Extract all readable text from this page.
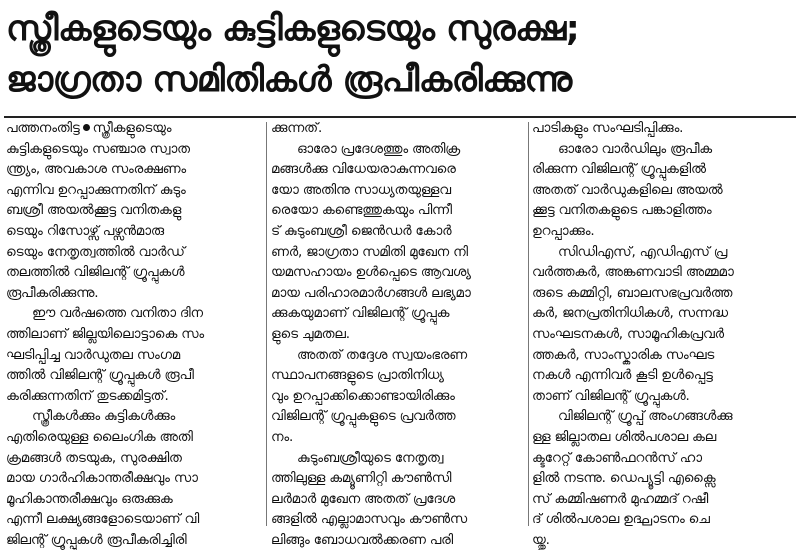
സ്ത്രീകളുടെയും കുട്ടികളുടെയും സുരക്ഷ;
ജാഗ്രതാ സമിതികൾ രൂപീകരിക്കുന്നു
പത്തനംതിട്ട സ്ത്രീകളുടെയും
കുട്ടികളുടെയും സഞ്ചാര സ്വാത
ന്ത്ര്യം, അവകാശ സംരക്ഷണം
എന്നിവ ഉറപ്പാക്കുന്നതിന് കുടും
ബശ്രീ അയൽക്കൂട്ട വനിതകളു
ടെയും റിസോഴ്സ് പഴ്സൻമാരു
ടെയും നേതൃത്വത്തിൽ വാർഡ്
തലത്തിൽ വിജിലന്റ് ഗ്രൂപ്പുകൾ
രൂപീകരിക്കുന്നു.
ഈ വർഷത്തെ വനിതാ ദിന
ത്തിലാണ് ജില്ലയിലൊട്ടാകെ സം
ഘടിപ്പിച്ച വാർഡുതല സംഗമ
ത്തിൽ വിജിലന്റ് ഗ്രൂപ്പുകൾ രൂപീ
കരിക്കുന്നതിന് തുടക്കമിട്ടത്.
സ്ത്രീകൾക്കും കുട്ടികൾക്കും
എതിരെയുള്ള ലൈംഗിക അതി
ക്രമങ്ങൾ തടയുക, സുരക്ഷിത
മായ ഗാർഹികാന്തരീക്ഷവും സാ
മൂഹികാന്തരീക്ഷവും ഒരുക്കുക
എന്നീ ലക്ഷ്യങ്ങളോടെയാണ് വി
ജിലന്റ് ഗ്രൂപ്പുകൾ രൂപീകരിച്ചിരി
ക്കുന്നത്.
ഓരോ പ്രദേശത്തും അതിക്ര
മങ്ങൾക്കു വിധേയരാകുന്നവരെ
യോ അതിനു സാധ്യതയുള്ളവ
രെയോ കണ്ടെത്തുകയും പിന്നീ
ട് കുടുംബശ്രീ ജെൻഡർ കോർ
ണർ, ജാഗ്രതാ സമിതി മുഖേന നി
യമസഹായം ഉൾപ്പെടെ ആവശ്യ
മായ പരിഹാരമാർഗങ്ങൾ ലഭ്യമാ
ക്കുകയുമാണ് വിജിലന്റ് ഗ്രൂപ്പുക
ളുടെ ചുമതല.
അതത് തദ്ദേശ സ്വയംഭരണ
സ്ഥാപനങ്ങളുടെ പ്രാതിനിധ്യ
വും ഉറപ്പാക്കിക്കൊണ്ടായിരിക്കും
വിജിലന്റ് ഗ്രൂപ്പുകളുടെ പ്രവർത്ത
നം.
കുടുംബശ്രീയുടെ നേതൃത്വ
ത്തിലുള്ള കമ്യൂണിറ്റി കൗൺസി
ലർമാർ മുഖേന അതത് പ്രദേശ
ങ്ങളിൽ എല്ലാമാസവും കൗൺസ
ലിങ്ങും ബോധവൽക്കരണ പരി
പാടികളും സംഘടിപ്പിക്കും.
ഓരോ വാർഡിലും രൂപീക
രിക്കുന്ന വിജിലന്റ് ഗ്രൂപ്പുകളിൽ
അതത് വാർഡുകളിലെ അയൽ
ക്കൂട്ട വനിതകളുടെ പങ്കാളിത്തം
ഉറപ്പാക്കും.
സിഡിഎസ്, എഡിഎസ് പ്ര
വർത്തകർ, അങ്കണവാടി അമ്മമാ
രുടെ കമ്മിറ്റി, ബാലസഭപ്രവർത്ത
കർ, ജനപ്രതിനിധികൾ, സന്നദ്ധ
സംഘടനകൾ, സാമൂഹികപ്രവർ
ത്തകർ, സാംസ്കാരിക സംഘട
നകൾ എന്നിവർ കൂടി ഉൾപ്പെട്ട
താണ് വിജിലന്റ് ഗ്രൂപ്പുകൾ.
വിജിലന്റ് ഗ്രൂപ്പ് അംഗങ്ങൾക്കു
ള്ള ജില്ലാതല ശിൽപശാല കല
ക്ടറേറ്റ് കോൺഫറൻസ് ഹാ
ളിൽ നടന്നു. ഡെപ്യൂട്ടി എക്സൈ
സ് കമ്മിഷണർ മുഹമ്മദ് റഷീ
ദ് ശിൽപശാല ഉദ്ഘാടനം ചെ
യ്തു.
